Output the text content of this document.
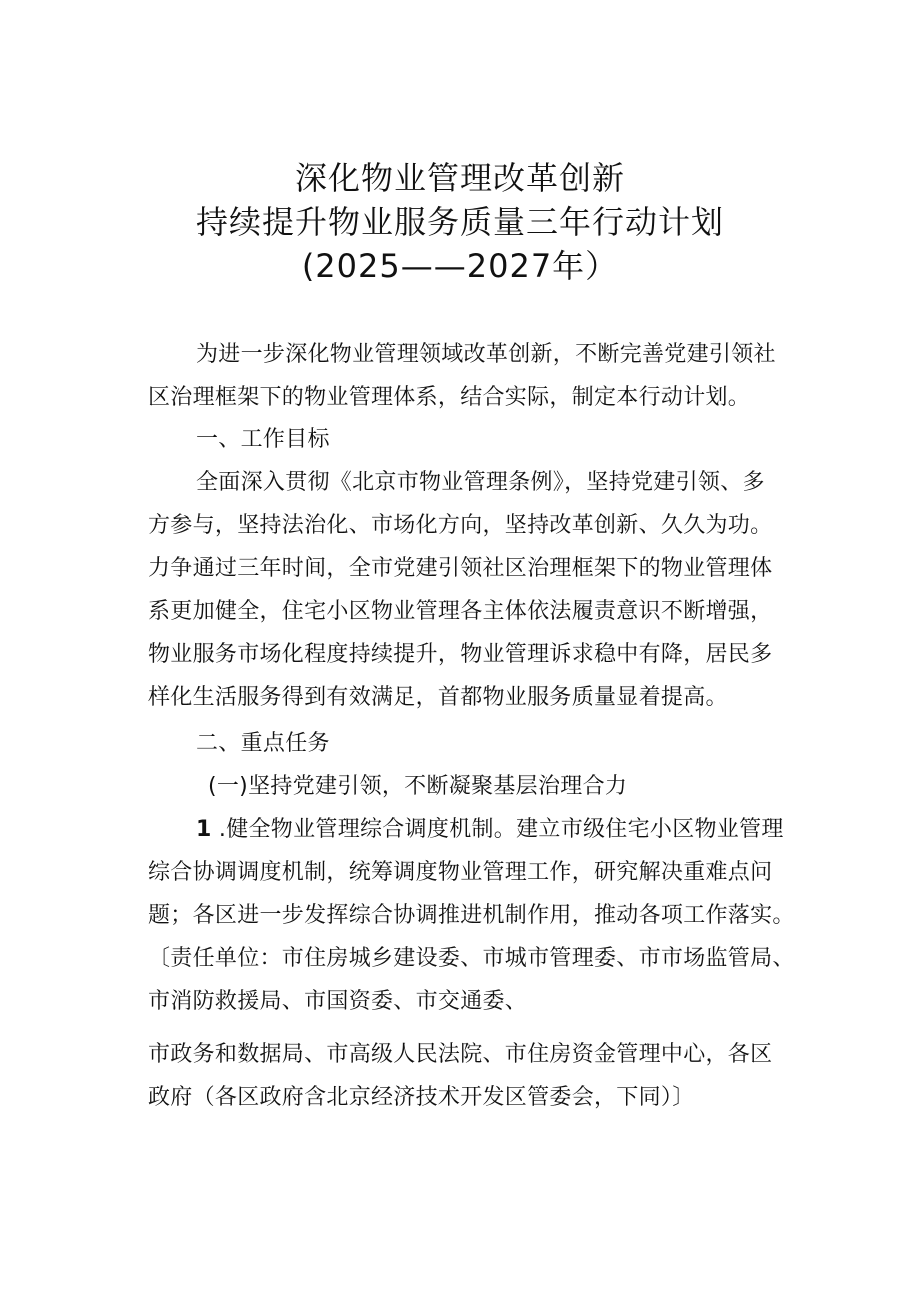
深化物业管理改革创新
持续提升物业服务质量三年行动计划
(2025——2027年）
为进一步深化物业管理领域改革创新，不断完善党建引领社
区治理框架下的物业管理体系，结合实际，制定本行动计划。
一、工作目标
全面深入贯彻《北京市物业管理条例》，坚持党建引领、多
方参与，坚持法治化、市场化方向，坚持改革创新、久久为功。
力争通过三年时间，全市党建引领社区治理框架下的物业管理体
系更加健全，住宅小区物业管理各主体依法履责意识不断增强，
物业服务市场化程度持续提升，物业管理诉求稳中有降，居民多
样化生活服务得到有效满足，首都物业服务质量显着提高。
二、重点任务
(一)坚持党建引领，不断凝聚基层治理合力
1 .健全物业管理综合调度机制。建立市级住宅小区物业管理
综合协调调度机制，统筹调度物业管理工作，研究解决重难点问
题；各区进一步发挥综合协调推进机制作用，推动各项工作落实。
〔责任单位：市住房城乡建设委、市城市管理委、市市场监管局、
市消防救援局、市国资委、市交通委、
市政务和数据局、市高级人民法院、市住房资金管理中心，各区
政府（各区政府含北京经济技术开发区管委会，下同）〕
